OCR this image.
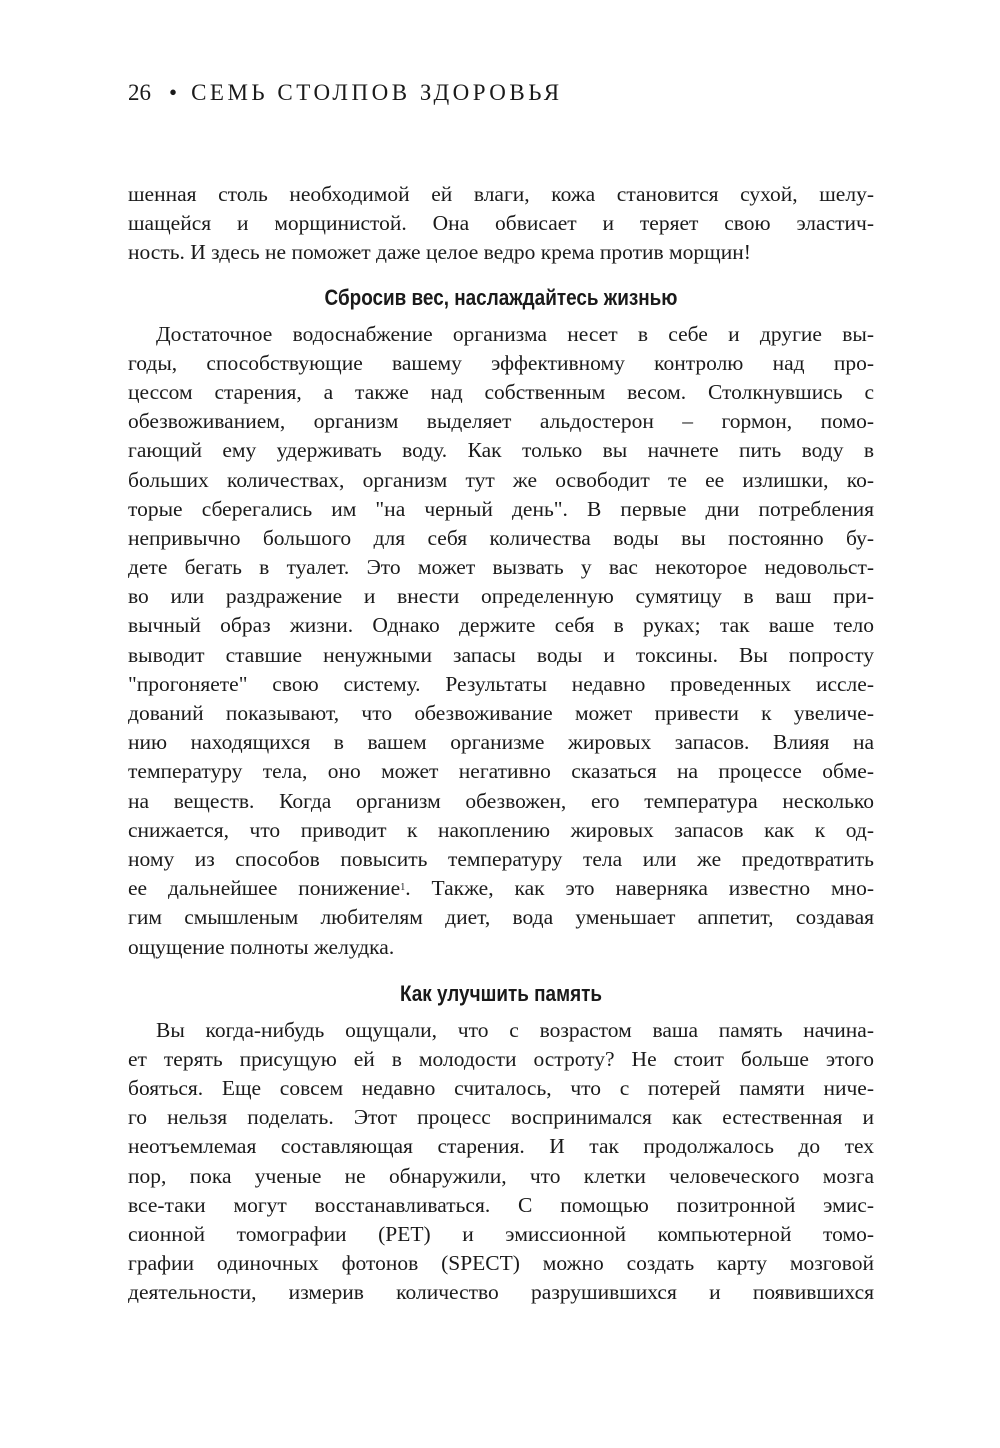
26 • СЕМЬ СТОЛПОВ ЗДОРОВЬЯ
шенная столь необходимой ей влаги, кожа становится сухой, шелу-
шащейся и морщинистой. Она обвисает и теряет свою эластич-
ность. И здесь не поможет даже целое ведро крема против морщин!
Сбросив вес, наслаждайтесь жизнью
Достаточное водоснабжение организма несет в себе и другие вы-
годы, способствующие вашему эффективному контролю над про-
цессом старения, а также над собственным весом. Столкнувшись с
обезвоживанием, организм выделяет альдостерон – гормон, помо-
гающий ему удерживать воду. Как только вы начнете пить воду в
больших количествах, организм тут же освободит те ее излишки, ко-
торые сберегались им "на черный день". В первые дни потребления
непривычно большого для себя количества воды вы постоянно бу-
дете бегать в туалет. Это может вызвать у вас некоторое недовольст-
во или раздражение и внести определенную сумятицу в ваш при-
вычный образ жизни. Однако держите себя в руках; так ваше тело
выводит ставшие ненужными запасы воды и токсины. Вы попросту
"прогоняете" свою систему. Результаты недавно проведенных иссле-
дований показывают, что обезвоживание может привести к увеличе-
нию находящихся в вашем организме жировых запасов. Влияя на
температуру тела, оно может негативно сказаться на процессе обме-
на веществ. Когда организм обезвожен, его температура несколько
снижается, что приводит к накоплению жировых запасов как к од-
ному из способов повысить температуру тела или же предотвратить
ее дальнейшее понижение$^1$. Также, как это наверняка известно мно-
гим смышленым любителям диет, вода уменьшает аппетит, создавая
ощущение полноты желудка.
Как улучшить память
Вы когда-нибудь ощущали, что с возрастом ваша память начина-
ет терять присущую ей в молодости остроту? Не стоит больше этого
бояться. Еще совсем недавно считалось, что с потерей памяти ниче-
го нельзя поделать. Этот процесс воспринимался как естественная и
неотъемлемая составляющая старения. И так продолжалось до тех
пор, пока ученые не обнаружили, что клетки человеческого мозга
все-таки могут восстанавливаться. С помощью позитронной эмис-
сионной томографии (PET) и эмиссионной компьютерной томо-
графии одиночных фотонов (SPECT) можно создать карту мозговой
деятельности, измерив количество разрушившихся и появившихся
